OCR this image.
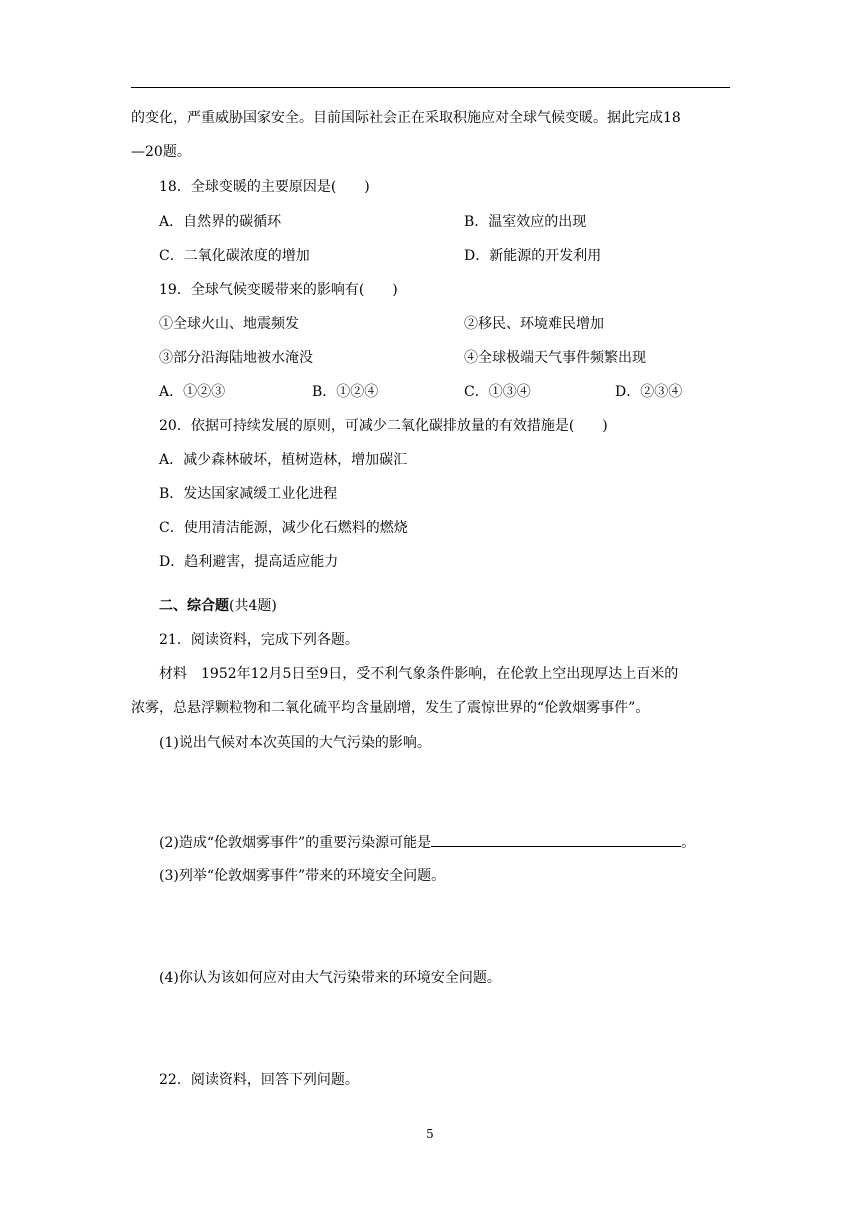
的变化，严重威胁国家安全。目前国际社会正在采取积施应对全球气候变暖。据此完成18
—20题。
18．全球变暖的主要原因是(　　)
A．自然界的碳循环	B．温室效应的出现
C．二氧化碳浓度的增加	D．新能源的开发利用
19．全球气候变暖带来的影响有(　　)
①全球火山、地震频发	②移民、环境难民增加
③部分沿海陆地被水淹没	④全球极端天气事件频繁出现
A．①②③	B．①②④	C．①③④	D．②③④
20．依据可持续发展的原则，可减少二氧化碳排放量的有效措施是(　　)
A．减少森林破坏，植树造林，增加碳汇
B．发达国家减缓工业化进程
C．使用清洁能源，减少化石燃料的燃烧
D．趋利避害，提高适应能力
二、综合题(共4题)
21．阅读资料，完成下列各题。
材料　1952年12月5日至9日，受不利气象条件影响，在伦敦上空出现厚达上百米的
浓雾，总悬浮颗粒物和二氧化硫平均含量剧增，发生了震惊世界的“伦敦烟雾事件”。
(1)说出气候对本次英国的大气污染的影响。
(2)造成“伦敦烟雾事件”的重要污染源可能是	。
(3)列举“伦敦烟雾事件”带来的环境安全问题。
(4)你认为该如何应对由大气污染带来的环境安全问题。
22．阅读资料，回答下列问题。
5
